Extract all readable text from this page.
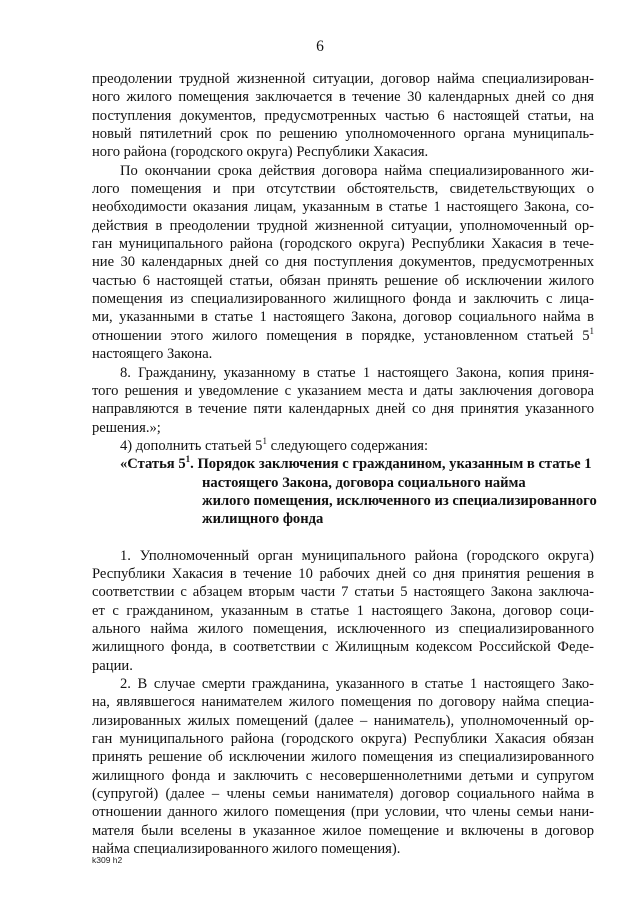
6
преодолении трудной жизненной ситуации, договор найма специализирован-
ного жилого помещения заключается в течение 30 календарных дней со дня
поступления документов, предусмотренных частью 6 настоящей статьи, на
новый пятилетний срок по решению уполномоченного органа муниципаль-
ного района (городского округа) Республики Хакасия.
По окончании срока действия договора найма специализированного жи-
лого помещения и при отсутствии обстоятельств, свидетельствующих о
необходимости оказания лицам, указанным в статье 1 настоящего Закона, со-
действия в преодолении трудной жизненной ситуации, уполномоченный ор-
ган муниципального района (городского округа) Республики Хакасия в тече-
ние 30 календарных дней со дня поступления документов, предусмотренных
частью 6 настоящей статьи, обязан принять решение об исключении жилого
помещения из специализированного жилищного фонда и заключить с лица-
ми, указанными в статье 1 настоящего Закона, договор социального найма в
отношении этого жилого помещения в порядке, установленном статьей $5^1$
настоящего Закона.
8. Гражданину, указанному в статье 1 настоящего Закона, копия приня-
того решения и уведомление с указанием места и даты заключения договора
направляются в течение пяти календарных дней со дня принятия указанного
решения.»;
4) дополнить статьей $5^1$ следующего содержания:
«Статья $5^1$. Порядок заключения с гражданином, указанным в статье 1
настоящего Закона, договора социального найма
жилого помещения, исключенного из специализированного
жилищного фонда
1. Уполномоченный орган муниципального района (городского округа)
Республики Хакасия в течение 10 рабочих дней со дня принятия решения в
соответствии с абзацем вторым части 7 статьи 5 настоящего Закона заключа-
ет с гражданином, указанным в статье 1 настоящего Закона, договор соци-
ального найма жилого помещения, исключенного из специализированного
жилищного фонда, в соответствии с Жилищным кодексом Российской Феде-
рации.
2. В случае смерти гражданина, указанного в статье 1 настоящего Зако-
на, являвшегося нанимателем жилого помещения по договору найма специа-
лизированных жилых помещений (далее – наниматель), уполномоченный ор-
ган муниципального района (городского округа) Республики Хакасия обязан
принять решение об исключении жилого помещения из специализированного
жилищного фонда и заключить с несовершеннолетними детьми и супругом
(супругой) (далее – члены семьи нанимателя) договор социального найма в
отношении данного жилого помещения (при условии, что члены семьи нани-
мателя были вселены в указанное жилое помещение и включены в договор
найма специализированного жилого помещения).
k309 h2
